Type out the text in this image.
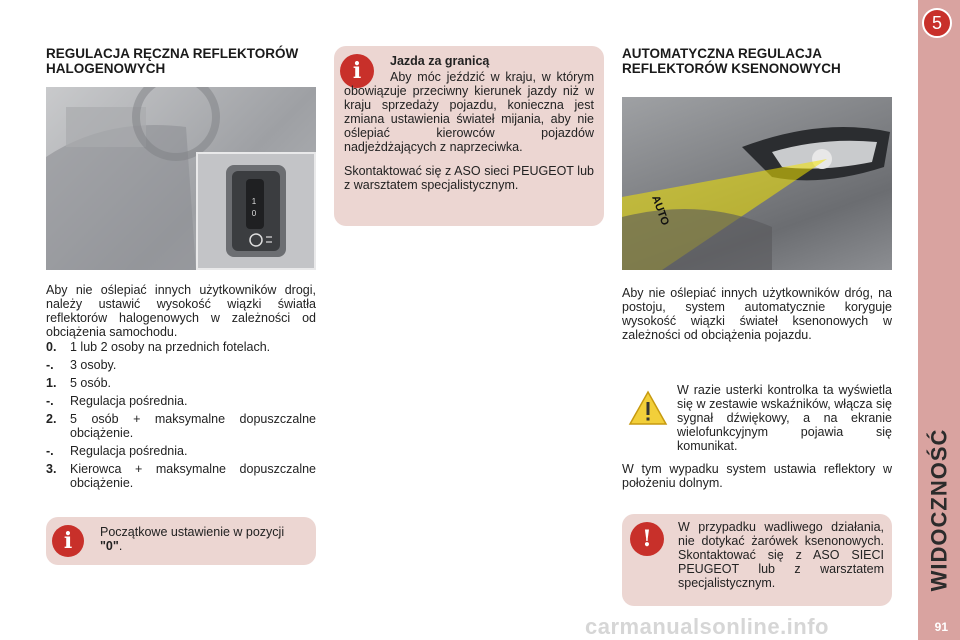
5
WIDOCZNOŚĆ
91
REGULACJA RĘCZNA REFLEKTORÓW HALOGENOWYCH
1
0
Aby nie oślepiać innych użytkowników drogi, należy ustawić wysokość wiązki światła reflektorów halogenowych w zależności od obciążenia samochodu.
0.	1 lub 2 osoby na przednich fotelach.
-.	3 osoby.
1.	5 osób.
-.	Regulacja pośrednia.
2.	5 osób + maksymalne dopuszczalne obciążenie.
-.	Regulacja pośrednia.
3.	Kierowca + maksymalne dopuszczalne obciążenie.
i	Początkowe ustawienie w pozycji "0".
i	Jazda za granicą
Aby móc jeździć w kraju, w którym obowiązuje przeciwny kierunek jazdy niż w kraju sprzedaży pojazdu, konieczna jest zmiana ustawienia świateł mijania, aby nie oślepiać kierowców pojazdów nadjeżdżających z naprzeciwka.
Skontaktować się z ASO sieci PEUGEOT lub z warsztatem specjalistycznym.
AUTOMATYCZNA REGULACJA REFLEKTORÓW KSENONOWYCH
AUTO
Aby nie oślepiać innych użytkowników dróg, na postoju, system automatycznie koryguje wysokość wiązki świateł ksenonowych w zależności od obciążenia pojazdu.
W razie usterki kontrolka ta wyświetla się w zestawie wskaźników, włącza się sygnał dźwiękowy, a na ekranie wielofunkcyjnym pojawia się komunikat.
W tym wypadku system ustawia reflektory w położeniu dolnym.
!	W przypadku wadliwego działania, nie dotykać żarówek ksenonowych. Skontaktować się z ASO SIECI PEUGEOT lub z warsztatem specjalistycznym.
carmanualsonline.info
